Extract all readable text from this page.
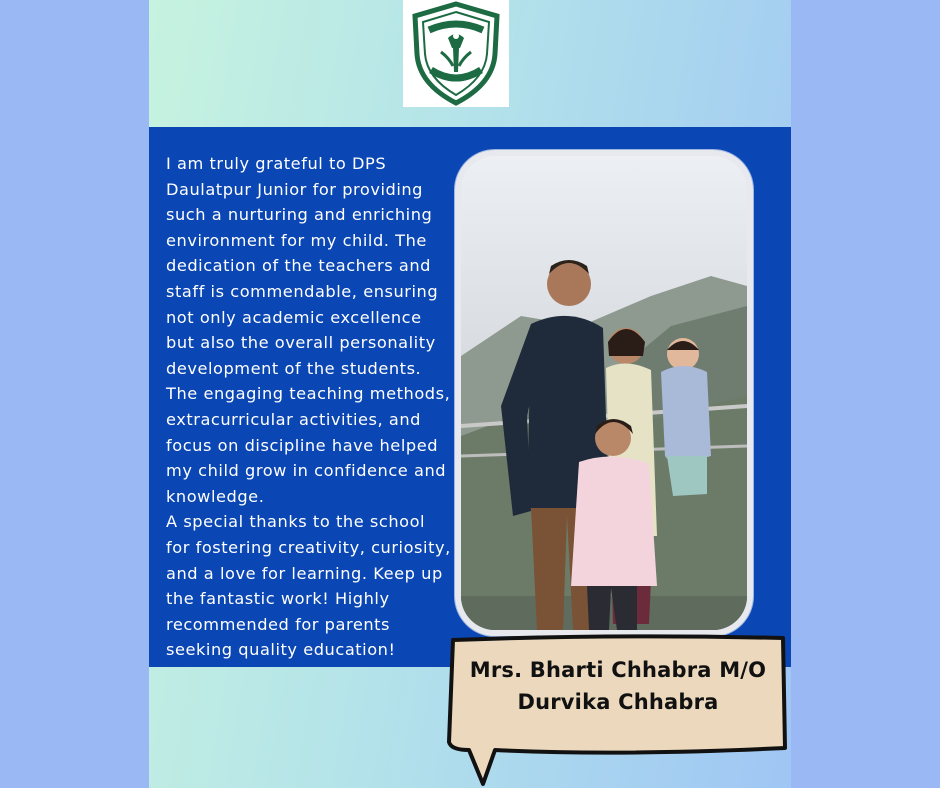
I am truly grateful to DPS
Daulatpur Junior for providing
such a nurturing and enriching
environment for my child. The
dedication of the teachers and
staff is commendable, ensuring
not only academic excellence
but also the overall personality
development of the students.
The engaging teaching methods,
extracurricular activities, and
focus on discipline have helped
my child grow in confidence and
knowledge.
A special thanks to the school
for fostering creativity, curiosity,
and a love for learning. Keep up
the fantastic work! Highly
recommended for parents
seeking quality education!

Mrs. Bharti Chhabra M/O
Durvika Chhabra
